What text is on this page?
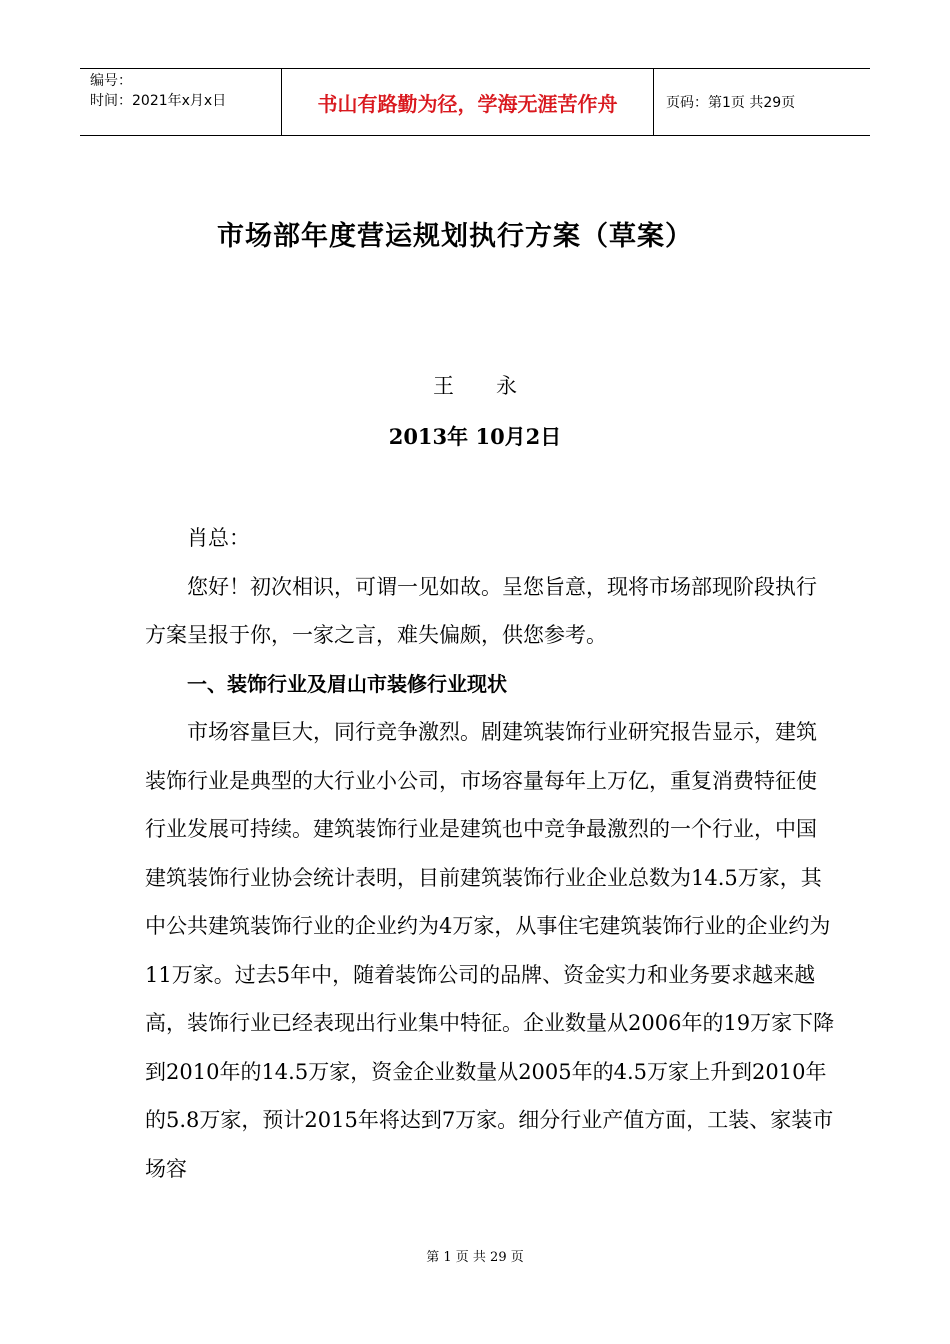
编号：
时间：2021年x月x日	书山有路勤为径，学海无涯苦作舟	页码：第1页 共29页
市场部年度营运规划执行方案（草案）
王永
2013年 10月2日

肖总：

您好！初次相识，可谓一见如故。呈您旨意，现将市场部现阶段执行方案呈报于你，一家之言，难失偏颇，供您参考。

一、装饰行业及眉山市装修行业现状

市场容量巨大，同行竞争激烈。剧建筑装饰行业研究报告显示，建筑装饰行业是典型的大行业小公司，市场容量每年上万亿，重复消费特征使行业发展可持续。建筑装饰行业是建筑也中竞争最激烈的一个行业，中国建筑装饰行业协会统计表明，目前建筑装饰行业企业总数为14.5万家，其中公共建筑装饰行业的企业约为4万家，从事住宅建筑装饰行业的企业约为11万家。过去5年中，随着装饰公司的品牌、资金实力和业务要求越来越高，装饰行业已经表现出行业集中特征。企业数量从2006年的19万家下降到2010年的14.5万家，资金企业数量从2005年的4.5万家上升到2010年的5.8万家，预计2015年将达到7万家。细分行业产值方面，工装、家装市场容

第 1 页 共 29 页
